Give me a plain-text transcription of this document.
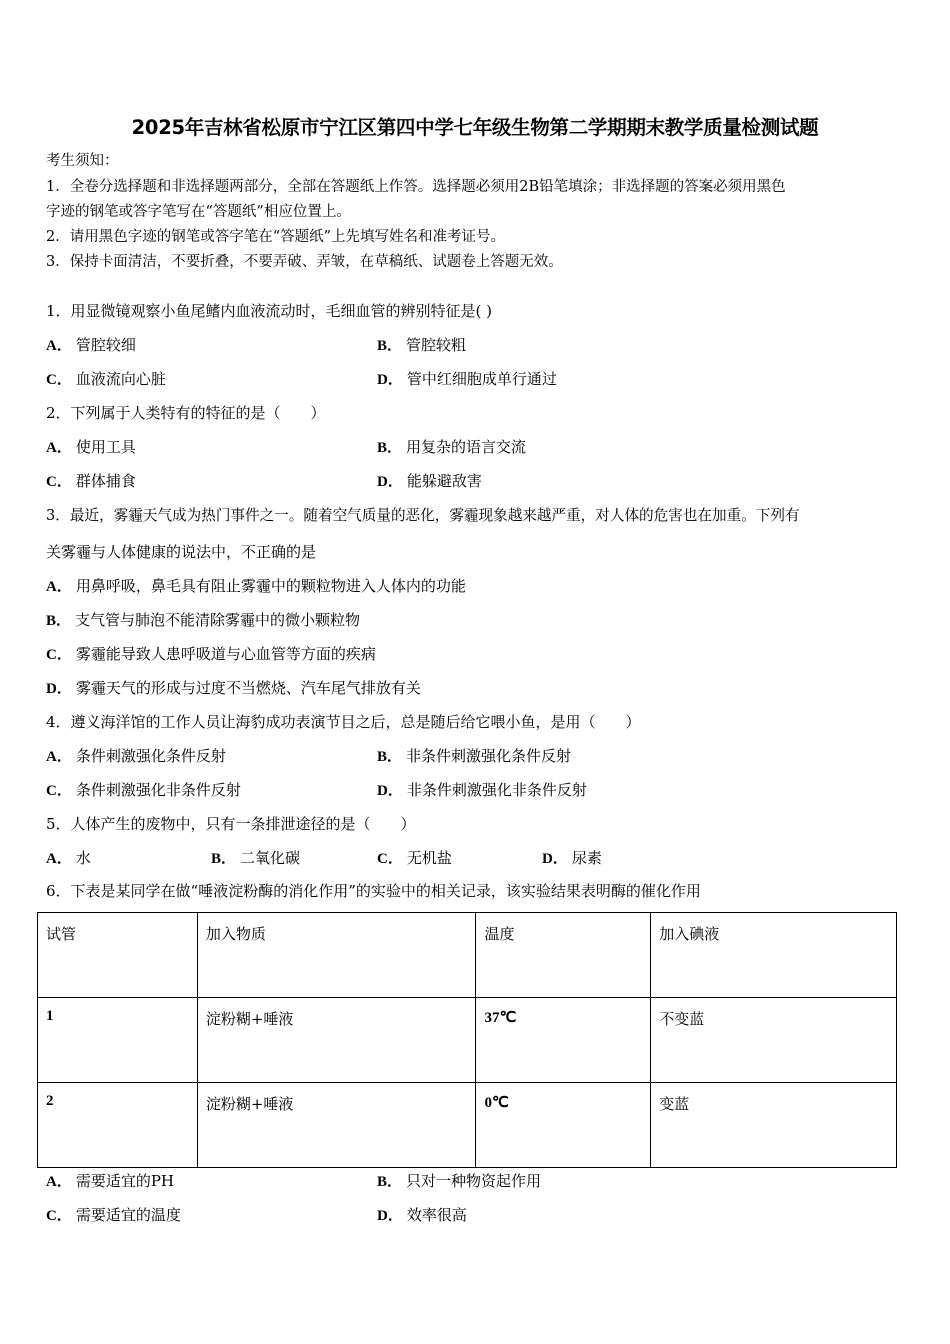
2025年吉林省松原市宁江区第四中学七年级生物第二学期期末教学质量检测试题
考生须知：
1．全卷分选择题和非选择题两部分，全部在答题纸上作答。选择题必须用2B铅笔填涂；非选择题的答案必须用黑色
字迹的钢笔或答字笔写在“答题纸”相应位置上。
2．请用黑色字迹的钢笔或答字笔在“答题纸”上先填写姓名和准考证号。
3．保持卡面清洁，不要折叠，不要弄破、弄皱，在草稿纸、试题卷上答题无效。
1．用显微镜观察小鱼尾鳍内血液流动时，毛细血管的辨别特征是( )
A． 管腔较细	B． 管腔较粗
C． 血液流向心脏	D． 管中红细胞成单行通过
2．下列属于人类特有的特征的是（　　）
A． 使用工具	B． 用复杂的语言交流
C． 群体捕食	D． 能躲避敌害
3．最近，雾霾天气成为热门事件之一。随着空气质量的恶化，雾霾现象越来越严重，对人体的危害也在加重。下列有
关雾霾与人体健康的说法中，不正确的是
A． 用鼻呼吸，鼻毛具有阻止雾霾中的颗粒物进入人体内的功能
B． 支气管与肺泡不能清除雾霾中的微小颗粒物
C． 雾霾能导致人患呼吸道与心血管等方面的疾病
D． 雾霾天气的形成与过度不当燃烧、汽车尾气排放有关
4．遵义海洋馆的工作人员让海豹成功表演节目之后，总是随后给它喂小鱼，是用（　　）
A． 条件刺激强化条件反射	B． 非条件刺激强化条件反射
C． 条件刺激强化非条件反射	D． 非条件刺激强化非条件反射
5．人体产生的废物中，只有一条排泄途径的是（　　）
A． 水	B． 二氧化碳	C． 无机盐	D． 尿素
6．下表是某同学在做“唾液淀粉酶的消化作用”的实验中的相关记录，该实验结果表明酶的催化作用
试管	加入物质	温度	加入碘液
1	淀粉糊+唾液	37℃	不变蓝
2	淀粉糊+唾液	0℃	变蓝
A． 需要适宜的PH	B． 只对一种物资起作用
C． 需要适宜的温度	D． 效率很高
